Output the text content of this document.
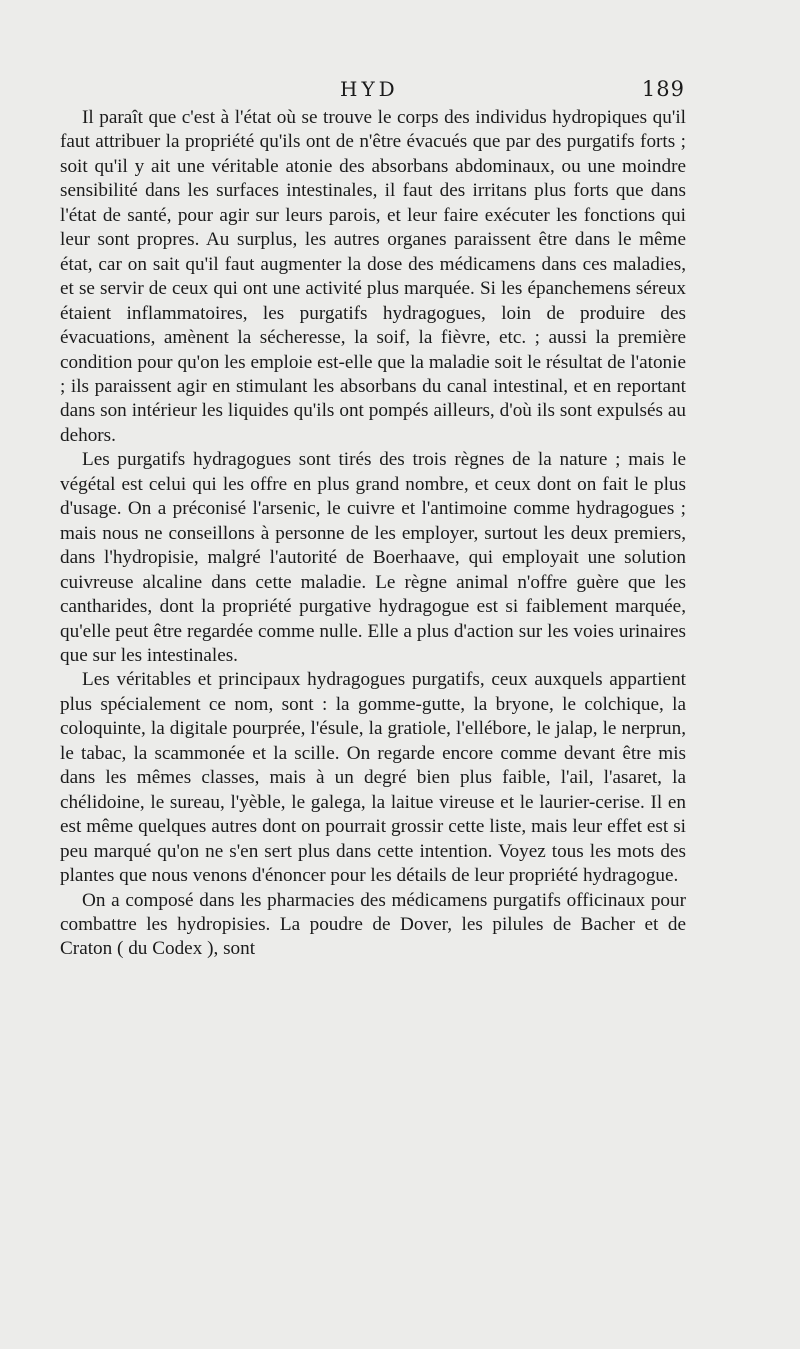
HYD	189

Il paraît que c'est à l'état où se trouve le corps des individus hydropiques qu'il faut attribuer la propriété qu'ils ont de n'être évacués que par des purgatifs forts ; soit qu'il y ait une véritable atonie des absorbans abdominaux, ou une moindre sensibilité dans les surfaces intestinales, il faut des irritans plus forts que dans l'état de santé, pour agir sur leurs parois, et leur faire exécuter les fonctions qui leur sont propres. Au surplus, les autres organes paraissent être dans le même état, car on sait qu'il faut augmenter la dose des médicamens dans ces maladies, et se servir de ceux qui ont une activité plus marquée. Si les épanchemens séreux étaient inflammatoires, les purgatifs hydragogues, loin de produire des évacuations, amènent la sécheresse, la soif, la fièvre, etc. ; aussi la première condition pour qu'on les emploie est-elle que la maladie soit le résultat de l'atonie ; ils paraissent agir en stimulant les absorbans du canal intestinal, et en reportant dans son intérieur les liquides qu'ils ont pompés ailleurs, d'où ils sont expulsés au dehors.

Les purgatifs hydragogues sont tirés des trois règnes de la nature ; mais le végétal est celui qui les offre en plus grand nombre, et ceux dont on fait le plus d'usage. On a préconisé l'arsenic, le cuivre et l'antimoine comme hydragogues ; mais nous ne conseillons à personne de les employer, surtout les deux premiers, dans l'hydropisie, malgré l'autorité de Boerhaave, qui employait une solution cuivreuse alcaline dans cette maladie. Le règne animal n'offre guère que les cantharides, dont la propriété purgative hydragogue est si faiblement marquée, qu'elle peut être regardée comme nulle. Elle a plus d'action sur les voies urinaires que sur les intestinales.

Les véritables et principaux hydragogues purgatifs, ceux auxquels appartient plus spécialement ce nom, sont : la gomme-gutte, la bryone, le colchique, la coloquinte, la digitale pourprée, l'ésule, la gratiole, l'ellébore, le jalap, le nerprun, le tabac, la scammonée et la scille. On regarde encore comme devant être mis dans les mêmes classes, mais à un degré bien plus faible, l'ail, l'asaret, la chélidoine, le sureau, l'yèble, le galega, la laitue vireuse et le laurier-cerise. Il en est même quelques autres dont on pourrait grossir cette liste, mais leur effet est si peu marqué qu'on ne s'en sert plus dans cette intention. Voyez tous les mots des plantes que nous venons d'énoncer pour les détails de leur propriété hydragogue.

On a composé dans les pharmacies des médicamens purgatifs officinaux pour combattre les hydropisies. La poudre de Dover, les pilules de Bacher et de Craton ( du Codex ), sont
